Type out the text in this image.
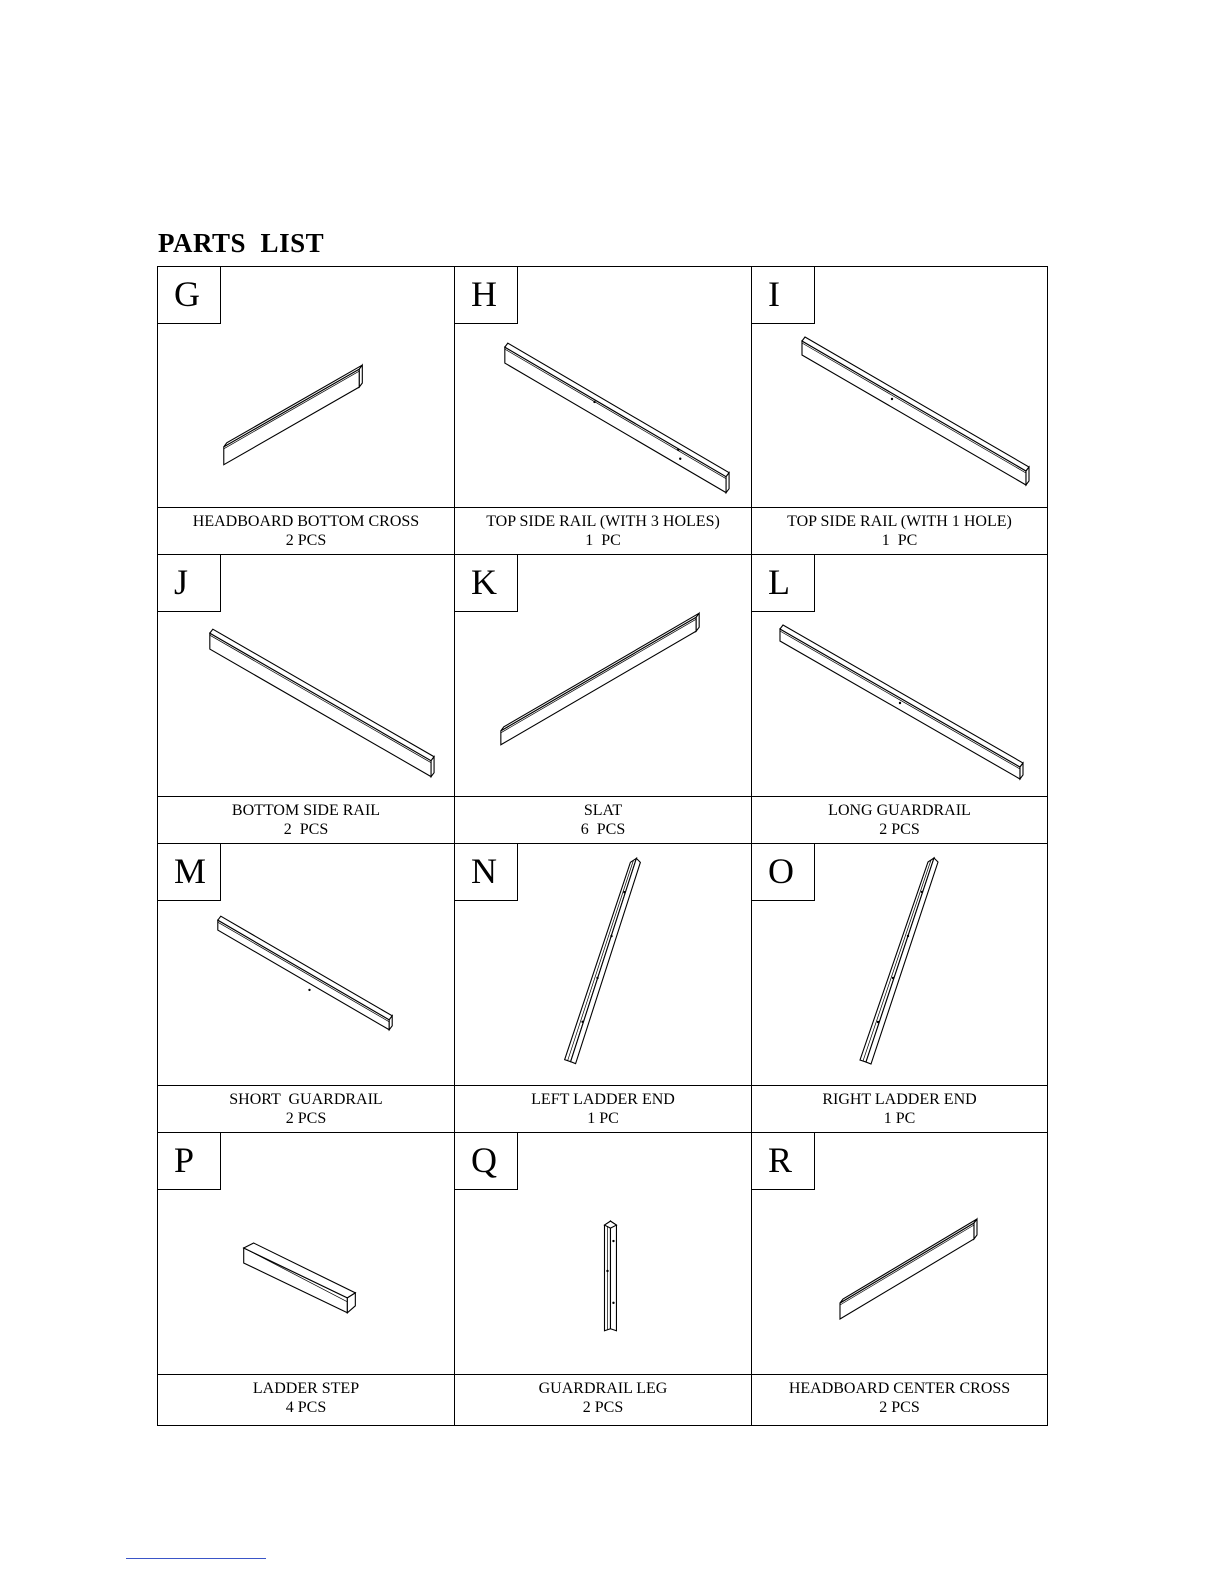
PARTS  LIST
G
HEADBOARD BOTTOM CROSS
2 PCS
H
TOP SIDE RAIL (WITH 3 HOLES)
1  PC
I
TOP SIDE RAIL (WITH 1 HOLE)
1  PC
J
BOTTOM SIDE RAIL
2  PCS
K
SLAT
6  PCS
L
LONG GUARDRAIL
2 PCS
M
SHORT  GUARDRAIL
2 PCS
N
LEFT LADDER END
1 PC
O
RIGHT LADDER END
1 PC
P
LADDER STEP
4 PCS
Q
GUARDRAIL LEG
2 PCS
R
HEADBOARD CENTER CROSS
2 PCS
